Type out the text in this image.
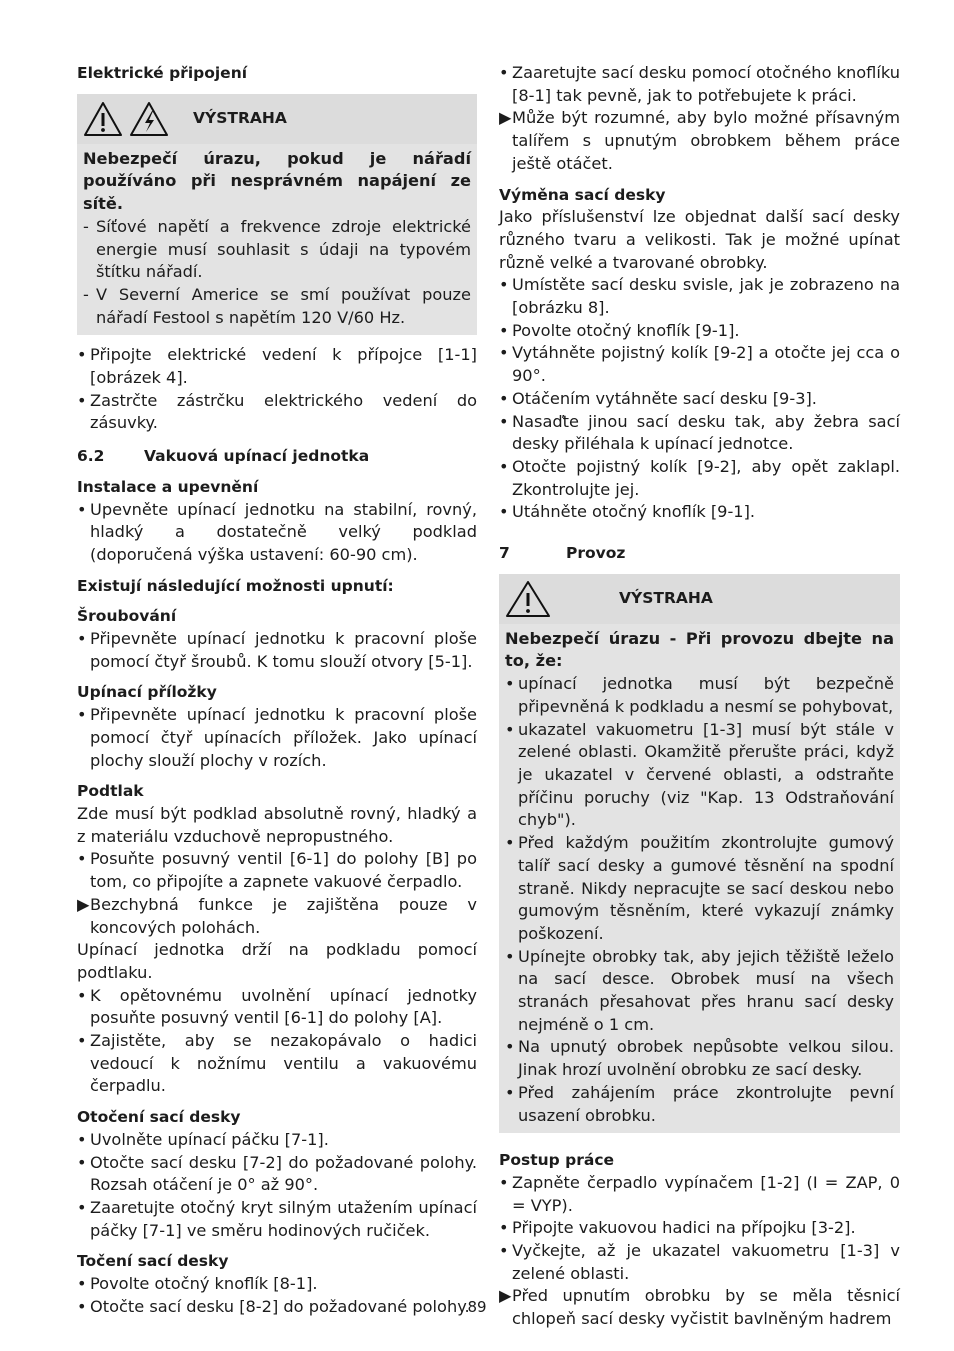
Elektrické připojení
VÝSTRAHA

Nebezpečí úrazu, pokud je nářadí používáno při nesprávném napájení ze sítě.

- Síťové napětí a frekvence zdroje elektrické energie musí souhlasit s údaji na typovém štítku nářadí.
- V Severní Americe se smí používat pouze nářadí Festool s napětím 120 V/60 Hz.
• Připojte elektrické vedení k přípojce [1-1] [obrázek 4].
• Zastrčte zástrčku elektrického vedení do zásuvky.
6.2	Vakuová upínací jednotka
Instalace a upevnění
• Upevněte upínací jednotku na stabilní, rovný, hladký a dostatečně velký podklad (doporučená výška ustavení: 60-90 cm).
Existují následující možnosti upnutí:
Šroubování
• Připevněte upínací jednotku k pracovní ploše pomocí čtyř šroubů. K tomu slouží otvory [5-1].
Upínací příložky
• Připevněte upínací jednotku k pracovní ploše pomocí čtyř upínacích příložek. Jako upínací plochy slouží plochy v rozích.
Podtlak

Zde musí být podklad absolutně rovný, hladký a z materiálu vzduchově nepropustného.

• Posuňte posuvný ventil [6-1] do polohy [B] po tom, co připojíte a zapnete vakuové čerpadlo.
▶ Bezchybná funkce je zajištěna pouze v koncových polohách.

Upínací jednotka drží na podkladu pomocí podtlaku.

• K opětovnému uvolnění upínací jednotky posuňte posuvný ventil [6-1] do polohy [A].
• Zajistěte, aby se nezakopávalo o hadici vedoucí k nožnímu ventilu a vakuovému čerpadlu.
Otočení sací desky
• Uvolněte upínací páčku [7-1].
• Otočte sací desku [7-2] do požadované polohy. Rozsah otáčení je 0° až 90°.
• Zaaretujte otočný kryt silným utažením upínací páčky [7-1] ve směru hodinových ručiček.
Točení sací desky
• Povolte otočný knoflík [8-1].
• Otočte sací desku [8-2] do požadované polohy.
• Zaaretujte sací desku pomocí otočného knoflíku [8-1] tak pevně, jak to potřebujete k práci.
▶ Může být rozumné, aby bylo možné přísavným talířem s upnutým obrobkem během práce ještě otáčet.
Výměna sací desky

Jako příslušenství lze objednat další sací desky různého tvaru a velikosti. Tak je možné upínat různě velké a tvarované obrobky.

• Umístěte sací desku svisle, jak je zobrazeno na [obrázku 8].
• Povolte otočný knoflík [9-1].
• Vytáhněte pojistný kolík [9-2] a otočte jej cca o 90°.
• Otáčením vytáhněte sací desku [9-3].
• Nasaďte jinou sací desku tak, aby žebra sací desky přiléhala k upínací jednotce.
• Otočte pojistný kolík [9-2], aby opět zaklapl. Zkontrolujte jej.
• Utáhněte otočný knoflík [9-1].
7	Provoz
VÝSTRAHA

Nebezpečí úrazu - Při provozu dbejte na to, že:

• upínací jednotka musí být bezpečně připevněná k podkladu a nesmí se pohybovat,
• ukazatel vakuometru [1-3] musí být stále v zelené oblasti. Okamžitě přerušte práci, když je ukazatel v červené oblasti, a odstraňte příčinu poruchy (viz "Kap. 13 Odstraňování chyb").
• Před každým použitím zkontrolujte gumový talíř sací desky a gumové těsnění na spodní straně. Nikdy nepracujte se sací deskou nebo gumovým těsněním, které vykazují známky poškození.
• Upínejte obrobky tak, aby jejich těžiště leželo na sací desce. Obrobek musí na všech stranách přesahovat přes hranu sací desky nejméně o 1 cm.
• Na upnutý obrobek nepůsobte velkou silou. Jinak hrozí uvolnění obrobku ze sací desky.
• Před zahájením práce zkontrolujte pevní usazení obrobku.
Postup práce
• Zapněte čerpadlo vypínačem [1-2] (I = ZAP, 0 = VYP).
• Připojte vakuovou hadici na přípojku [3-2].
• Vyčkejte, až je ukazatel vakuometru [1-3] v zelené oblasti.
▶ Před upnutím obrobku by se měla těsnicí chlopeň sací desky vyčistit bavlněným hadrem
89
